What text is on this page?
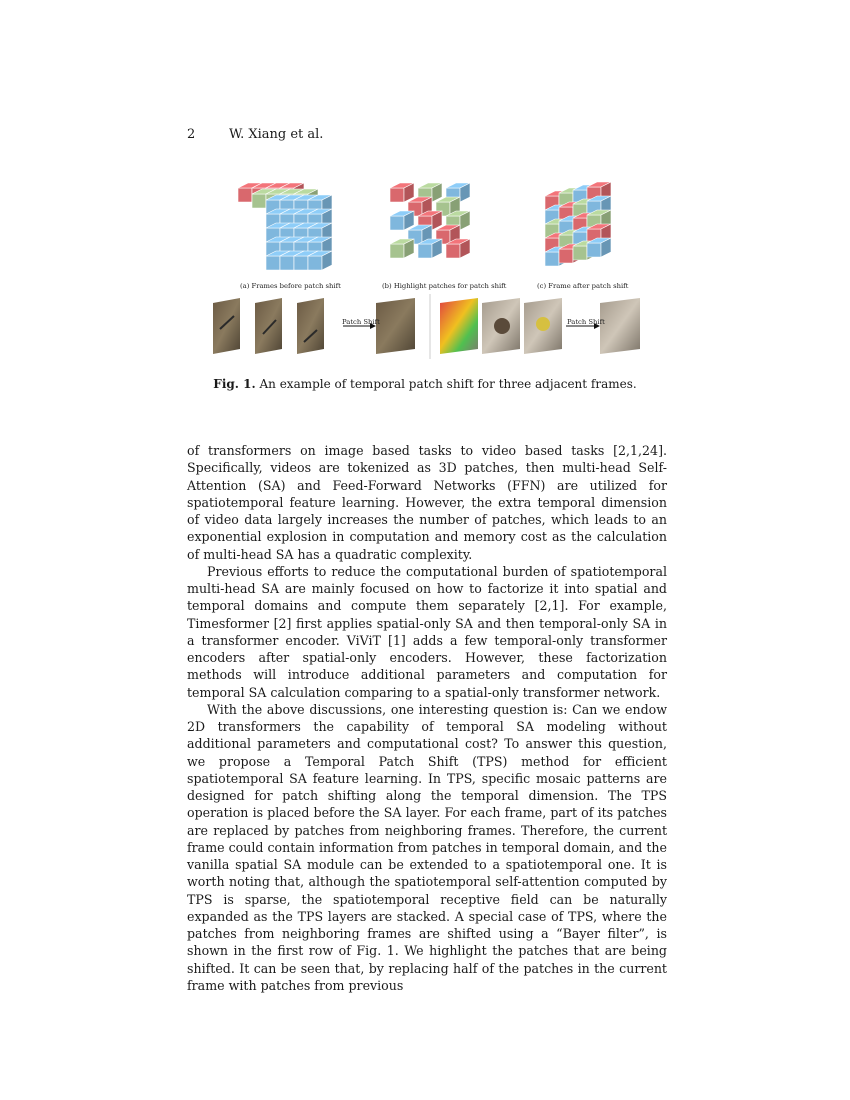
2	W. Xiang et al.
(a) Frames before patch shift	(b) Highlight patches for patch shift	(c) Frame after patch shift
Patch Shift	Patch Shift
Fig. 1. An example of temporal patch shift for three adjacent frames.

of transformers on image based tasks to video based tasks [2,1,24]. Specifically, videos are tokenized as 3D patches, then multi-head Self-Attention (SA) and Feed-Forward Networks (FFN) are utilized for spatiotemporal feature learning. However, the extra temporal dimension of video data largely increases the number of patches, which leads to an exponential explosion in computation and memory cost as the calculation of multi-head SA has a quadratic complexity.

Previous efforts to reduce the computational burden of spatiotemporal multi-head SA are mainly focused on how to factorize it into spatial and temporal domains and compute them separately [2,1]. For example, Timesformer [2] first applies spatial-only SA and then temporal-only SA in a transformer encoder. ViViT [1] adds a few temporal-only transformer encoders after spatial-only encoders. However, these factorization methods will introduce additional parameters and computation for temporal SA calculation comparing to a spatial-only transformer network.

With the above discussions, one interesting question is: Can we endow 2D transformers the capability of temporal SA modeling without additional parameters and computational cost? To answer this question, we propose a Temporal Patch Shift (TPS) method for efficient spatiotemporal SA feature learning. In TPS, specific mosaic patterns are designed for patch shifting along the temporal dimension. The TPS operation is placed before the SA layer. For each frame, part of its patches are replaced by patches from neighboring frames. Therefore, the current frame could contain information from patches in temporal domain, and the vanilla spatial SA module can be extended to a spatiotemporal one. It is worth noting that, although the spatiotemporal self-attention computed by TPS is sparse, the spatiotemporal receptive field can be naturally expanded as the TPS layers are stacked. A special case of TPS, where the patches from neighboring frames are shifted using a “Bayer filter”, is shown in the first row of Fig. 1. We highlight the patches that are being shifted. It can be seen that, by replacing half of the patches in the current frame with patches from previous
